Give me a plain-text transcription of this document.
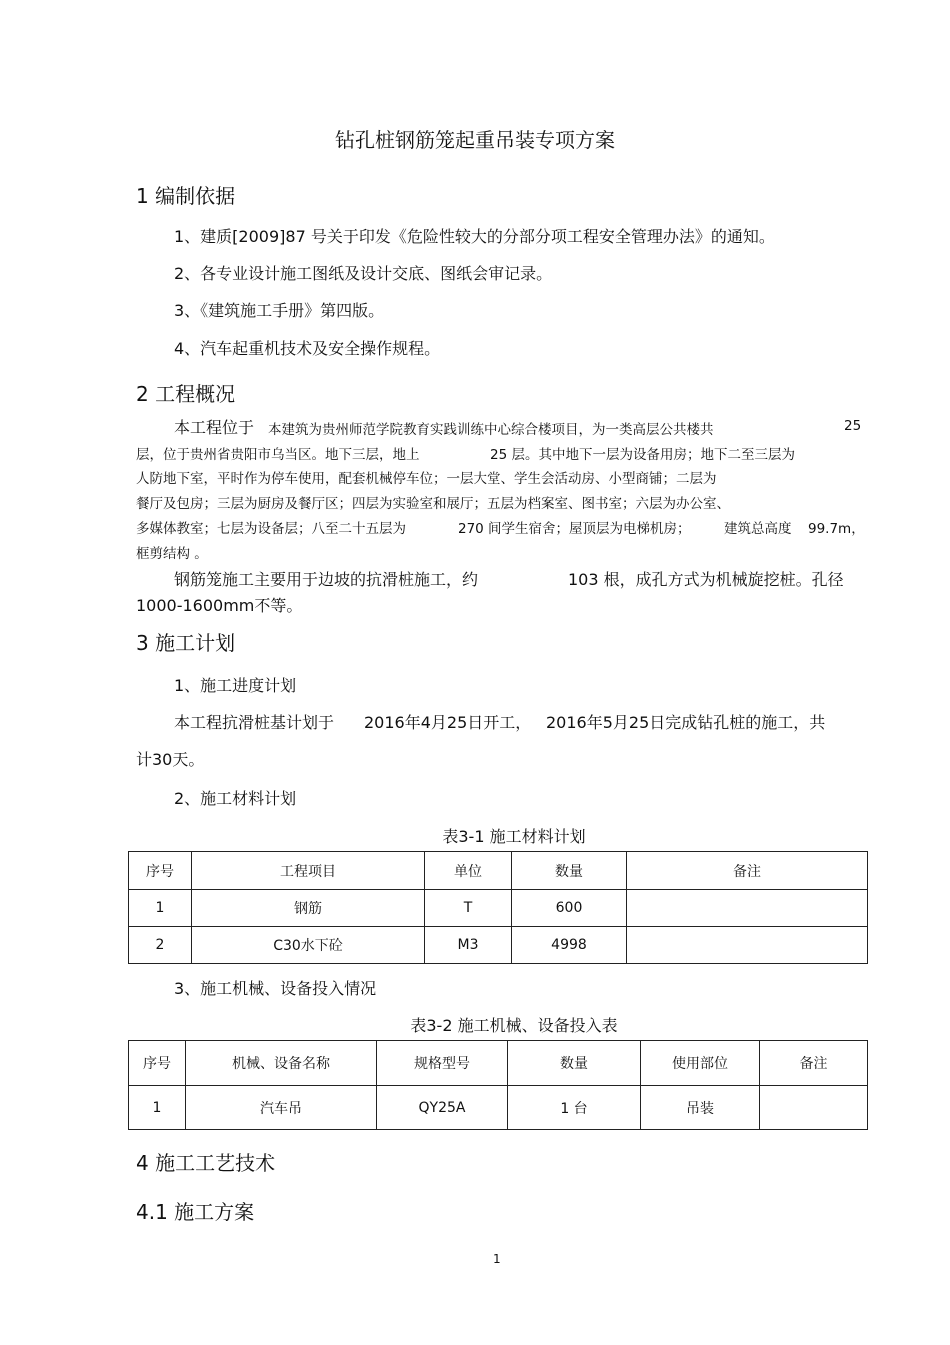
钻孔桩钢筋笼起重吊装专项方案
1 编制依据
1、建质[2009]87 号关于印发《危险性较大的分部分项工程安全管理办法》的通知。
2、各专业设计施工图纸及设计交底、图纸会审记录。
3、《建筑施工手册》第四版。
4、汽车起重机技术及安全操作规程。
2 工程概况
本工程位于 本建筑为贵州师范学院教育实践训练中心综合楼项目，为一类高层公共楼共	25
层，位于贵州省贵阳市乌当区。地下三层，地上	25 层。其中地下一层为设备用房；地下二至三层为
人防地下室，平时作为停车使用，配套机械停车位；一层大堂、学生会活动房、小型商铺；二层为
餐厅及包房；三层为厨房及餐厅区；四层为实验室和展厅；五层为档案室、图书室；六层为办公室、
多媒体教室；七层为设备层；八至二十五层为	270 间学生宿舍；屋顶层为电梯机房； 建筑总高度 99.7m，
框剪结构 。
钢筋笼施工主要用于边坡的抗滑桩施工，约	103 根，成孔方式为机械旋挖桩。孔径
1000-1600mm不等。
3 施工计划
1、施工进度计划
本工程抗滑桩基计划于 2016年4月25日开工， 2016年5月25日完成钻孔桩的施工，共
计30天。
2、施工材料计划
表3-1 施工材料计划
序号	工程项目	单位	数量	备注
1	钢筋	T	600	
2	C30水下砼	M3	4998	
3、施工机械、设备投入情况
表3-2 施工机械、设备投入表
序号	机械、设备名称	规格型号	数量	使用部位	备注
1	汽车吊	QY25A	1 台	吊装	
4 施工工艺技术
4.1 施工方案
1
